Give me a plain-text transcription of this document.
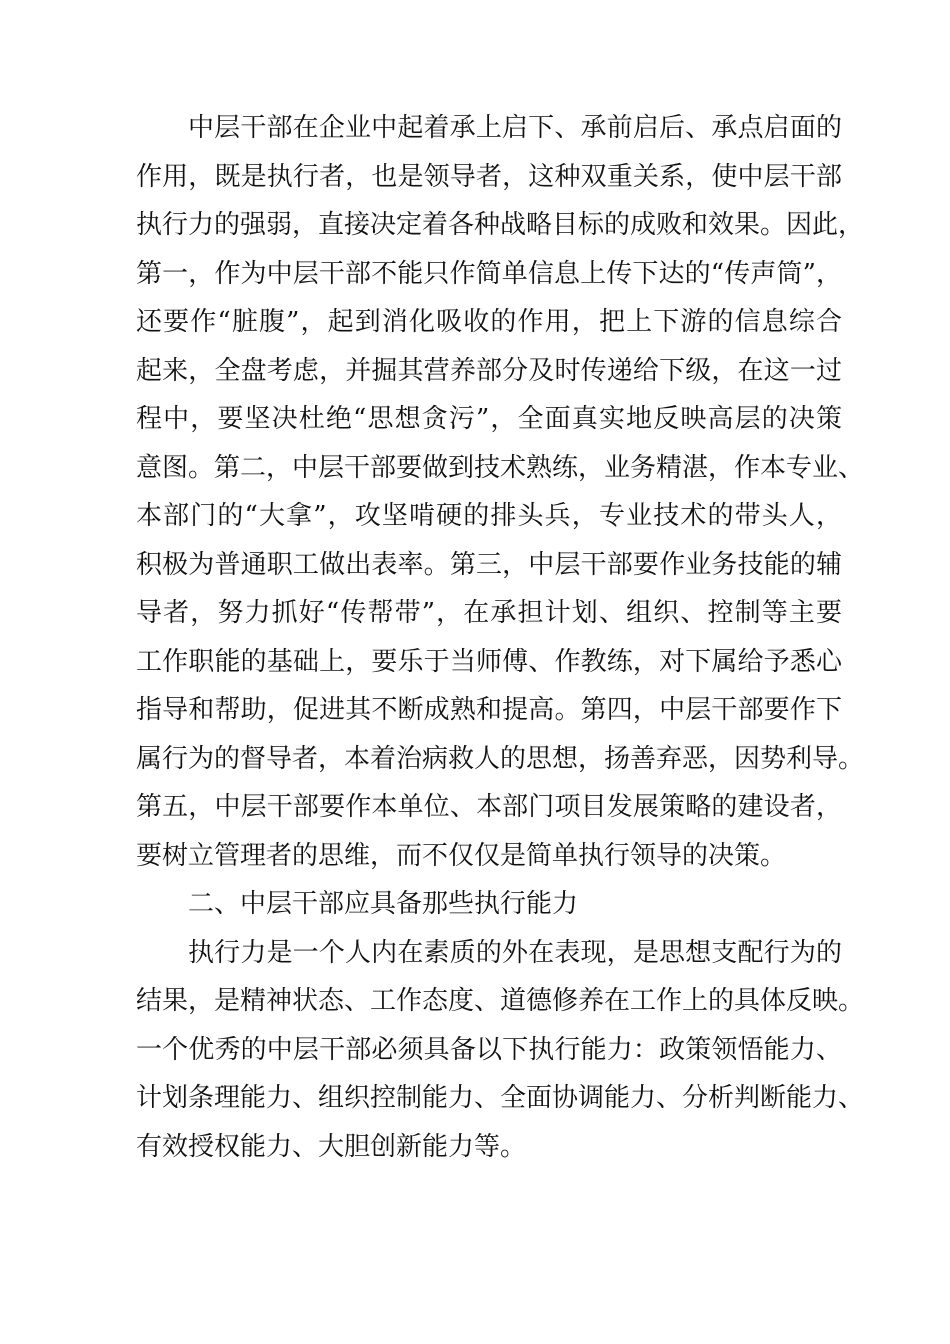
中层干部在企业中起着承上启下、承前启后、承点启面的
作用，既是执行者，也是领导者，这种双重关系，使中层干部
执行力的强弱，直接决定着各种战略目标的成败和效果。因此，
第一，作为中层干部不能只作简单信息上传下达的“传声筒”，
还要作“脏腹”，起到消化吸收的作用，把上下游的信息综合
起来，全盘考虑，并掘其营养部分及时传递给下级，在这一过
程中，要坚决杜绝“思想贪污”，全面真实地反映高层的决策
意图。第二，中层干部要做到技术熟练，业务精湛，作本专业、
本部门的“大拿”，攻坚啃硬的排头兵，专业技术的带头人，
积极为普通职工做出表率。第三，中层干部要作业务技能的辅
导者，努力抓好“传帮带”，在承担计划、组织、控制等主要
工作职能的基础上，要乐于当师傅、作教练，对下属给予悉心
指导和帮助，促进其不断成熟和提高。第四，中层干部要作下
属行为的督导者，本着治病救人的思想，扬善弃恶，因势利导。
第五，中层干部要作本单位、本部门项目发展策略的建设者，
要树立管理者的思维，而不仅仅是简单执行领导的决策。
二、中层干部应具备那些执行能力
执行力是一个人内在素质的外在表现，是思想支配行为的
结果，是精神状态、工作态度、道德修养在工作上的具体反映。
一个优秀的中层干部必须具备以下执行能力：政策领悟能力、
计划条理能力、组织控制能力、全面协调能力、分析判断能力、
有效授权能力、大胆创新能力等。
